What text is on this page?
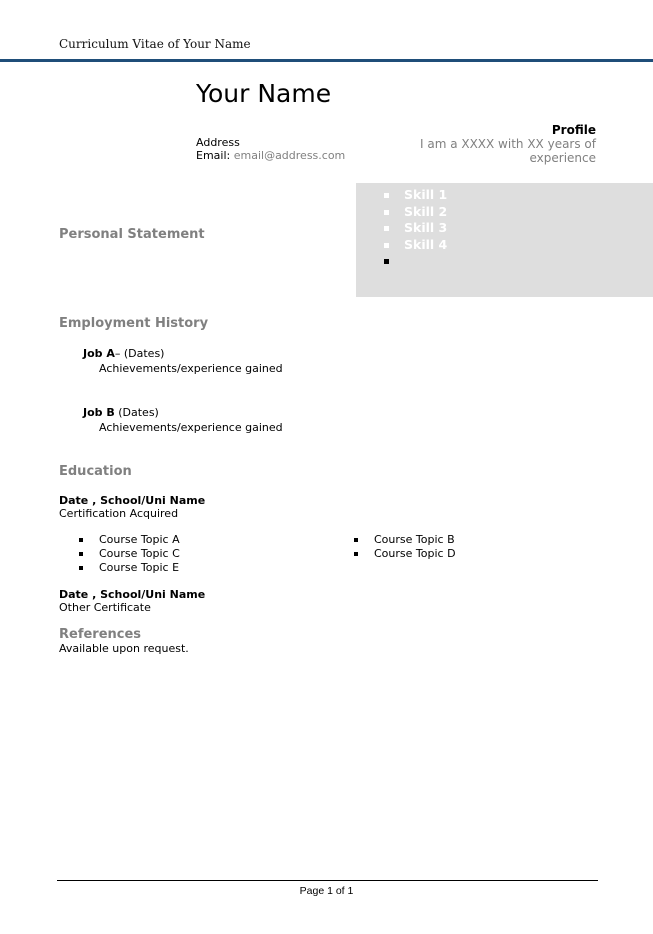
Curriculum Vitae of Your Name
Your Name
Address
Email: email@address.com
Profile
I am a XXXX with XX years of experience
Skill 1
Skill 2
Skill 3
Skill 4
Personal Statement
Employment History
Job A– (Dates)
Achievements/experience gained
Job B (Dates)
Achievements/experience gained
Education
Date , School/Uni Name
Certification Acquired
Course Topic A
Course Topic C
Course Topic E
Course Topic B
Course Topic D
Date , School/Uni Name
Other Certificate
References
Available upon request.
Page 1 of 1
